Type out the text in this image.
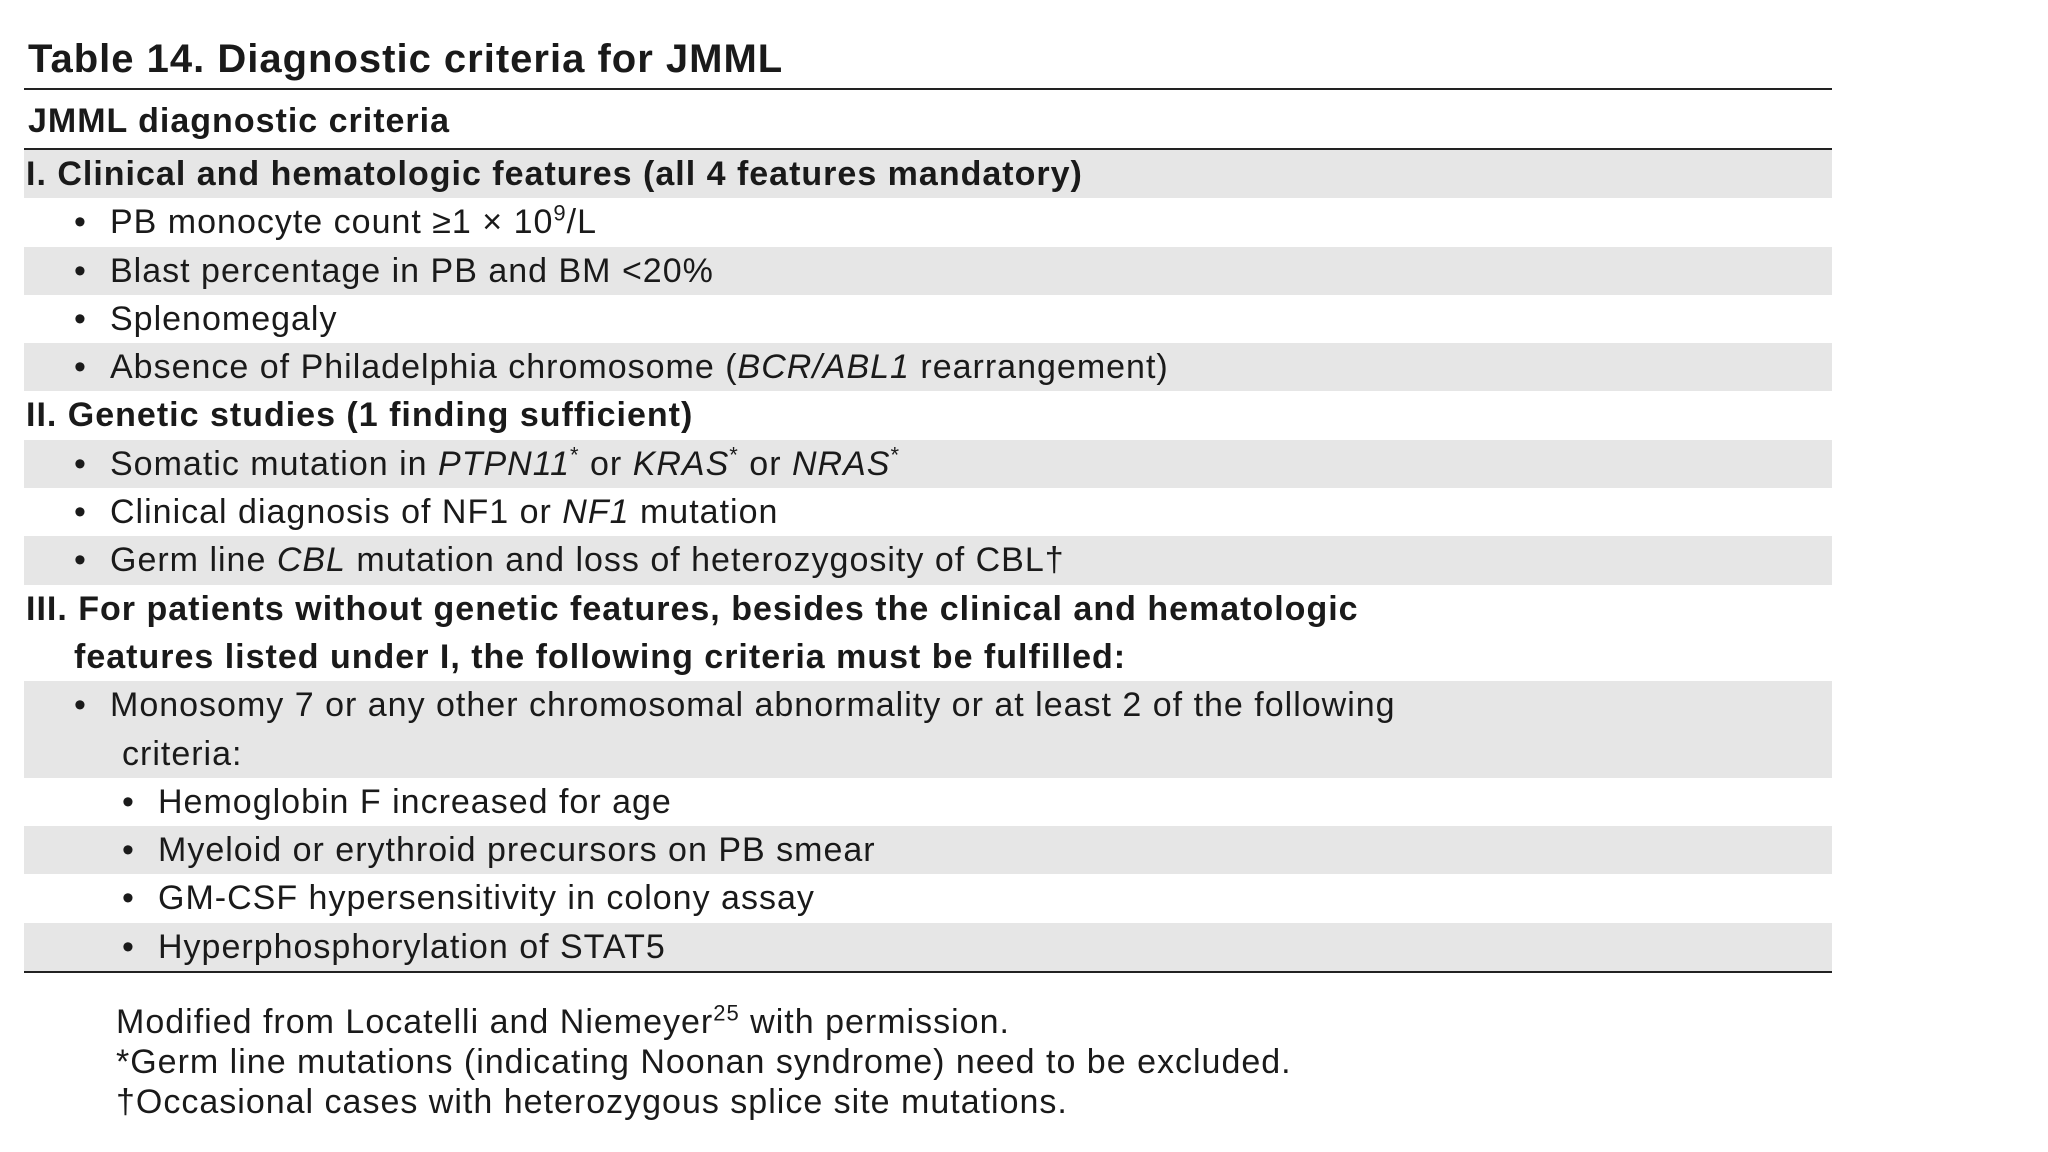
Table 14. Diagnostic criteria for JMML
JMML diagnostic criteria
I. Clinical and hematologic features (all 4 features mandatory)
• PB monocyte count $\ge 1 \times 10^9/L$
• Blast percentage in PB and BM <20%
• Splenomegaly
• Absence of Philadelphia chromosome (BCR/ABL1 rearrangement)
II. Genetic studies (1 finding sufficient)
• Somatic mutation in PTPN11* or KRAS* or NRAS*
• Clinical diagnosis of NF1 or NF1 mutation
• Germ line CBL mutation and loss of heterozygosity of CBL†
III. For patients without genetic features, besides the clinical and hematologic
features listed under I, the following criteria must be fulfilled:
• Monosomy 7 or any other chromosomal abnormality or at least 2 of the following
criteria:
• Hemoglobin F increased for age
• Myeloid or erythroid precursors on PB smear
• GM-CSF hypersensitivity in colony assay
• Hyperphosphorylation of STAT5
Modified from Locatelli and Niemeyer$^{25}$ with permission.
*Germ line mutations (indicating Noonan syndrome) need to be excluded.
†Occasional cases with heterozygous splice site mutations.
